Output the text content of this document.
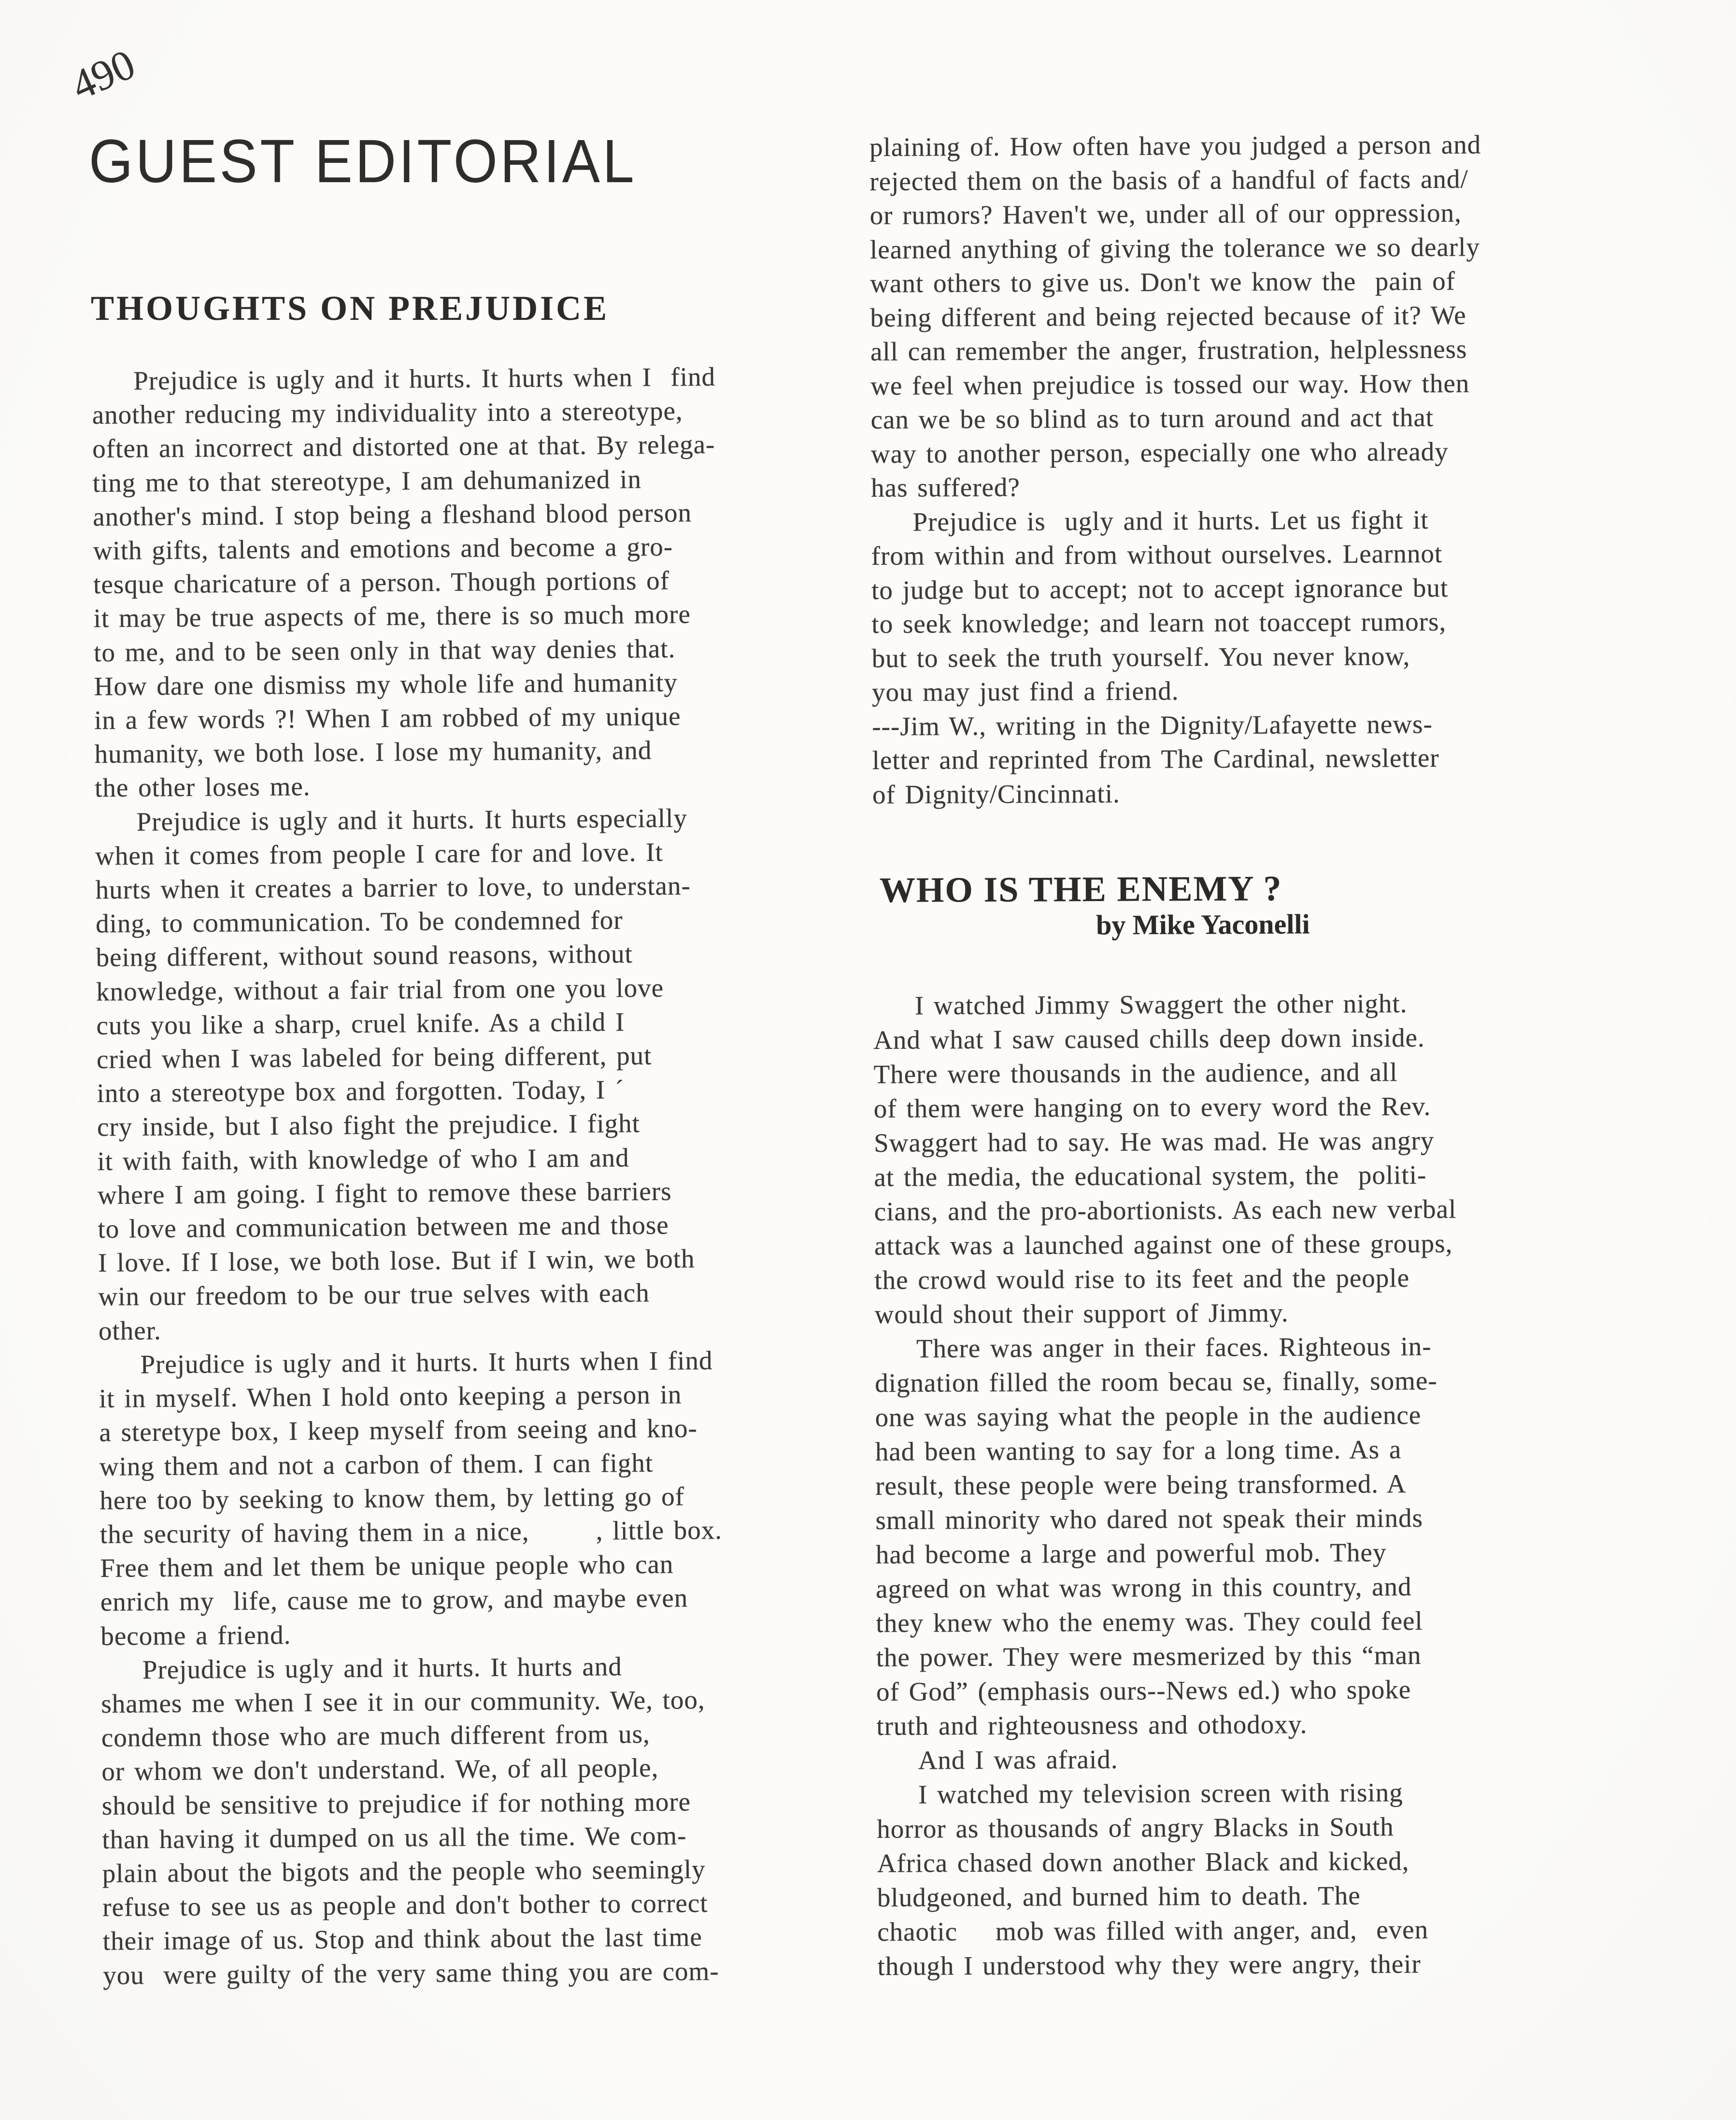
490
GUEST EDITORIAL
THOUGHTS ON PREJUDICE
Prejudice is ugly and it hurts. It hurts when I  find
another reducing my individuality into a stereotype,
often an incorrect and distorted one at that. By relega-
ting me to that stereotype, I am dehumanized in
another's mind. I stop being a fleshand blood person
with gifts, talents and emotions and become a gro-
tesque charicature of a person. Though portions of
it may be true aspects of me, there is so much more
to me, and to be seen only in that way denies that.
How dare one dismiss my whole life and humanity
in a few words ?! When I am robbed of my unique
humanity, we both lose. I lose my humanity, and
the other loses me.
Prejudice is ugly and it hurts. It hurts especially
when it comes from people I care for and love. It
hurts when it creates a barrier to love, to understan-
ding, to communication. To be condemned for
being different, without sound reasons, without
knowledge, without a fair trial from one you love
cuts you like a sharp, cruel knife. As a child I
cried when I was labeled for being different, put
into a stereotype box and forgotten. Today, I ´
cry inside, but I also fight the prejudice. I fight
it with faith, with knowledge of who I am and
where I am going. I fight to remove these barriers
to love and communication between me and those
I love. If I lose, we both lose. But if I win, we both
win our freedom to be our true selves with each
other.
Prejudice is ugly and it hurts. It hurts when I find
it in myself. When I hold onto keeping a person in
a steretype box, I keep myself from seeing and kno-
wing them and not a carbon of them. I can fight
here too by seeking to know them, by letting go of
the security of having them in a nice,       , little box.
Free them and let them be unique people who can
enrich my  life, cause me to grow, and maybe even
become a friend.
Prejudice is ugly and it hurts. It hurts and
shames me when I see it in our community. We, too,
condemn those who are much different from us,
or whom we don't understand. We, of all people,
should be sensitive to prejudice if for nothing more
than having it dumped on us all the time. We com-
plain about the bigots and the people who seemingly
refuse to see us as people and don't bother to correct
their image of us. Stop and think about the last time
you  were guilty of the very same thing you are com-
plaining of. How often have you judged a person and
rejected them on the basis of a handful of facts and/
or rumors? Haven't we, under all of our oppression,
learned anything of giving the tolerance we so dearly
want others to give us. Don't we know the  pain of
being different and being rejected because of it? We
all can remember the anger, frustration, helplessness
we feel when prejudice is tossed our way. How then
can we be so blind as to turn around and act that
way to another person, especially one who already
has suffered?
Prejudice is  ugly and it hurts. Let us fight it
from within and from without ourselves. Learnnot
to judge but to accept; not to accept ignorance but
to seek knowledge; and learn not toaccept rumors,
but to seek the truth yourself. You never know,
you may just find a friend.
---Jim W., writing in the Dignity/Lafayette news-
letter and reprinted from The Cardinal, newsletter
of Dignity/Cincinnati.
WHO IS THE ENEMY ?
by Mike Yaconelli
I watched Jimmy Swaggert the other night.
And what I saw caused chills deep down inside.
There were thousands in the audience, and all
of them were hanging on to every word the Rev.
Swaggert had to say. He was mad. He was angry
at the media, the educational system, the  politi-
cians, and the pro-abortionists. As each new verbal
attack was a launched against one of these groups,
the crowd would rise to its feet and the people
would shout their support of Jimmy.
There was anger in their faces. Righteous in-
dignation filled the room becau se, finally, some-
one was saying what the people in the audience
had been wanting to say for a long time. As a
result, these people were being transformed. A
small minority who dared not speak their minds
had become a large and powerful mob. They
agreed on what was wrong in this country, and
they knew who the enemy was. They could feel
the power. They were mesmerized by this “man
of God” (emphasis ours--News ed.) who spoke
truth and righteousness and othodoxy.
And I was afraid.
I watched my television screen with rising
horror as thousands of angry Blacks in South
Africa chased down another Black and kicked,
bludgeoned, and burned him to death. The
chaotic    mob was filled with anger, and,  even
though I understood why they were angry, their
